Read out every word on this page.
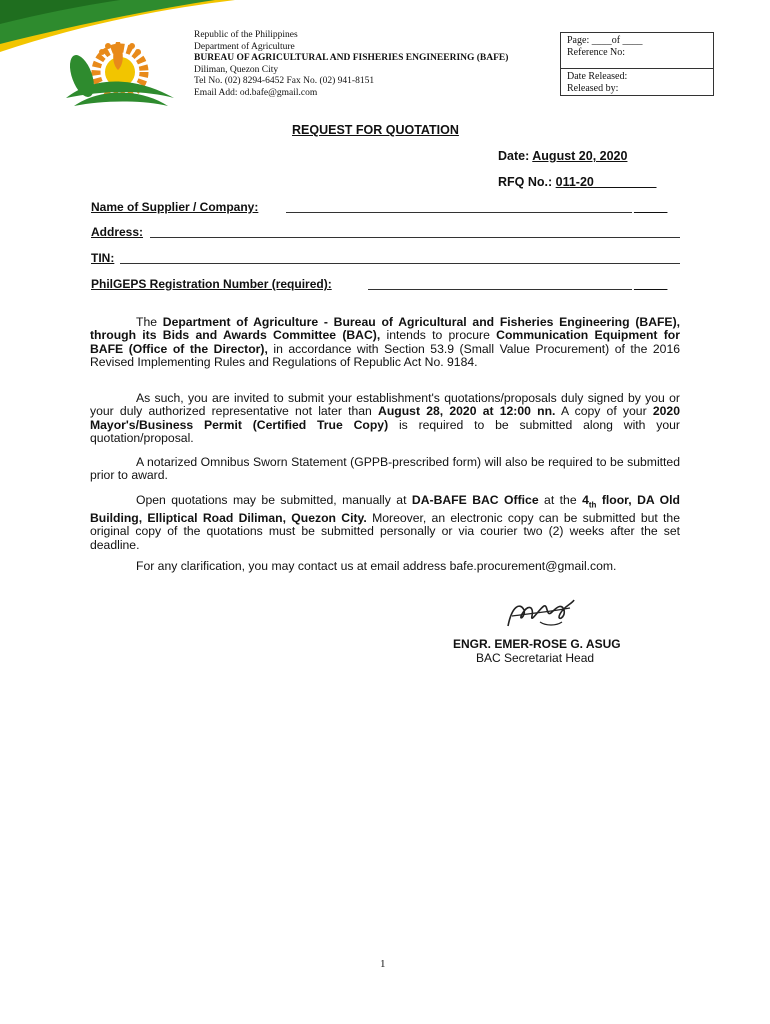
Republic of the Philippines
Department of Agriculture
BUREAU OF AGRICULTURAL AND FISHERIES ENGINEERING (BAFE)
Diliman, Quezon City
Tel No. (02) 8294-6452 Fax No. (02) 941-8151
Email Add: od.bafe@gmail.com
Page: ____of ____
Reference No:
Date Released:
Released by:
REQUEST FOR QUOTATION
Date: August 20, 2020
RFQ No.: 011-20_________
Name of Supplier / Company:	_____
Address:
TIN:
PhilGEPS Registration Number (required):	_____

The Department of Agriculture - Bureau of Agricultural and Fisheries Engineering (BAFE), through its Bids and Awards Committee (BAC), intends to procure Communication Equipment for BAFE (Office of the Director), in accordance with Section 53.9 (Small Value Procurement) of the 2016 Revised Implementing Rules and Regulations of Republic Act No. 9184.

As such, you are invited to submit your establishment's quotations/proposals duly signed by you or your duly authorized representative not later than August 28, 2020 at 12:00 nn. A copy of your 2020 Mayor's/Business Permit (Certified True Copy) is required to be submitted along with your quotation/proposal.

A notarized Omnibus Sworn Statement (GPPB-prescribed form) will also be required to be submitted prior to award.

Open quotations may be submitted, manually at DA-BAFE BAC Office at the $4_{th}$ floor, DA Old Building, Elliptical Road Diliman, Quezon City. Moreover, an electronic copy can be submitted but the original copy of the quotations must be submitted personally or via courier two (2) weeks after the set deadline.

For any clarification, you may contact us at email address bafe.procurement@gmail.com.

ENGR. EMER-ROSE G. ASUG
BAC Secretariat Head
1
